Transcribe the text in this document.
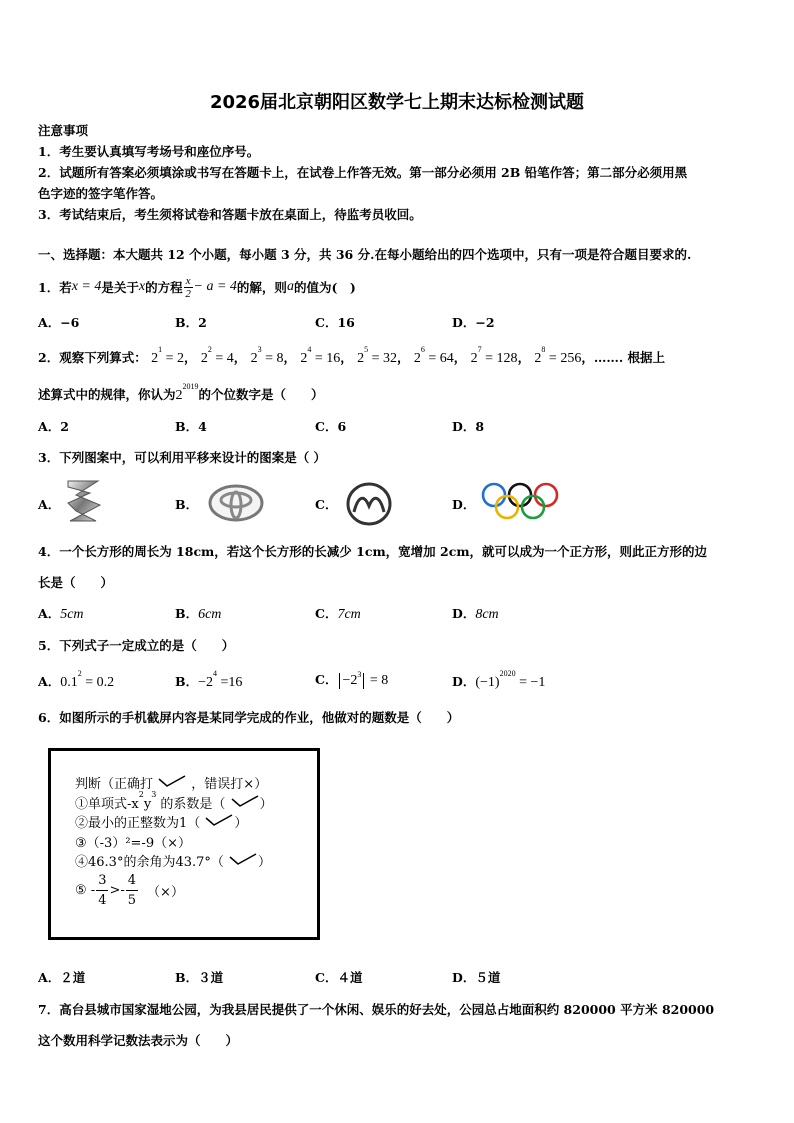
2026届北京朝阳区数学七上期末达标检测试题
注意事项
1．考生要认真填写考场号和座位序号。
2．试题所有答案必须填涂或书写在答题卡上，在试卷上作答无效。第一部分必须用 2B 铅笔作答；第二部分必须用黑
色字迹的签字笔作答。
3．考试结束后，考生须将试卷和答题卡放在桌面上，待监考员收回。
一、选择题：本大题共 12 个小题，每小题 3 分，共 36 分.在每小题给出的四个选项中，只有一项是符合题目要求的.
1．若 x = 4 是关于 x 的方程 $\frac{x}{2} - a = 4$ 的解，则 a 的值为(　)
A．−6	B．2	C．16	D．−2
2．观察下列算式： $2^1 = 2$， $2^2 = 4$， $2^3 = 8$， $2^4 = 16$， $2^5 = 32$， $2^6 = 64$， $2^7 = 128$， $2^8 = 256$，……. 根据上
述算式中的规律，你认为$2^{2019}$的个位数字是（　　）
A．2	B．4	C．6	D．8
3．下列图案中，可以利用平移来设计的图案是（ ）
A．	B．	C．	D．
4．一个长方形的周长为 18cm，若这个长方形的长减少 1cm，宽增加 2cm，就可以成为一个正方形，则此正方形的边
长是（　　）
A．5cm	B．6cm	C．7cm	D．8cm
5．下列式子一定成立的是（　　）
A．$0.1^2 = 0.2$	B．$-2^4 =16$	C． $-2^3 = 8$	D．$(-1)^{2020} = -1$
6．如图所示的手机截屏内容是某同学完成的作业，他做对的题数是（　　）
判断（正确打	，错误打×）
①单项式$-x^2y^3$ 的系数是（	）
②最小的正整数为1（	）
③（-3）²=-9（×）
④46.3°的余角为43.7°（	）
⑤ - $\frac{3}{4} >- \frac{4}{5}$ （×）
A．２道	B．３道	C．４道	D．５道
7．高台县城市国家湿地公园，为我县居民提供了一个休闲、娱乐的好去处，公园总占地面积约 820000 平方米 820000
这个数用科学记数法表示为（　　）
